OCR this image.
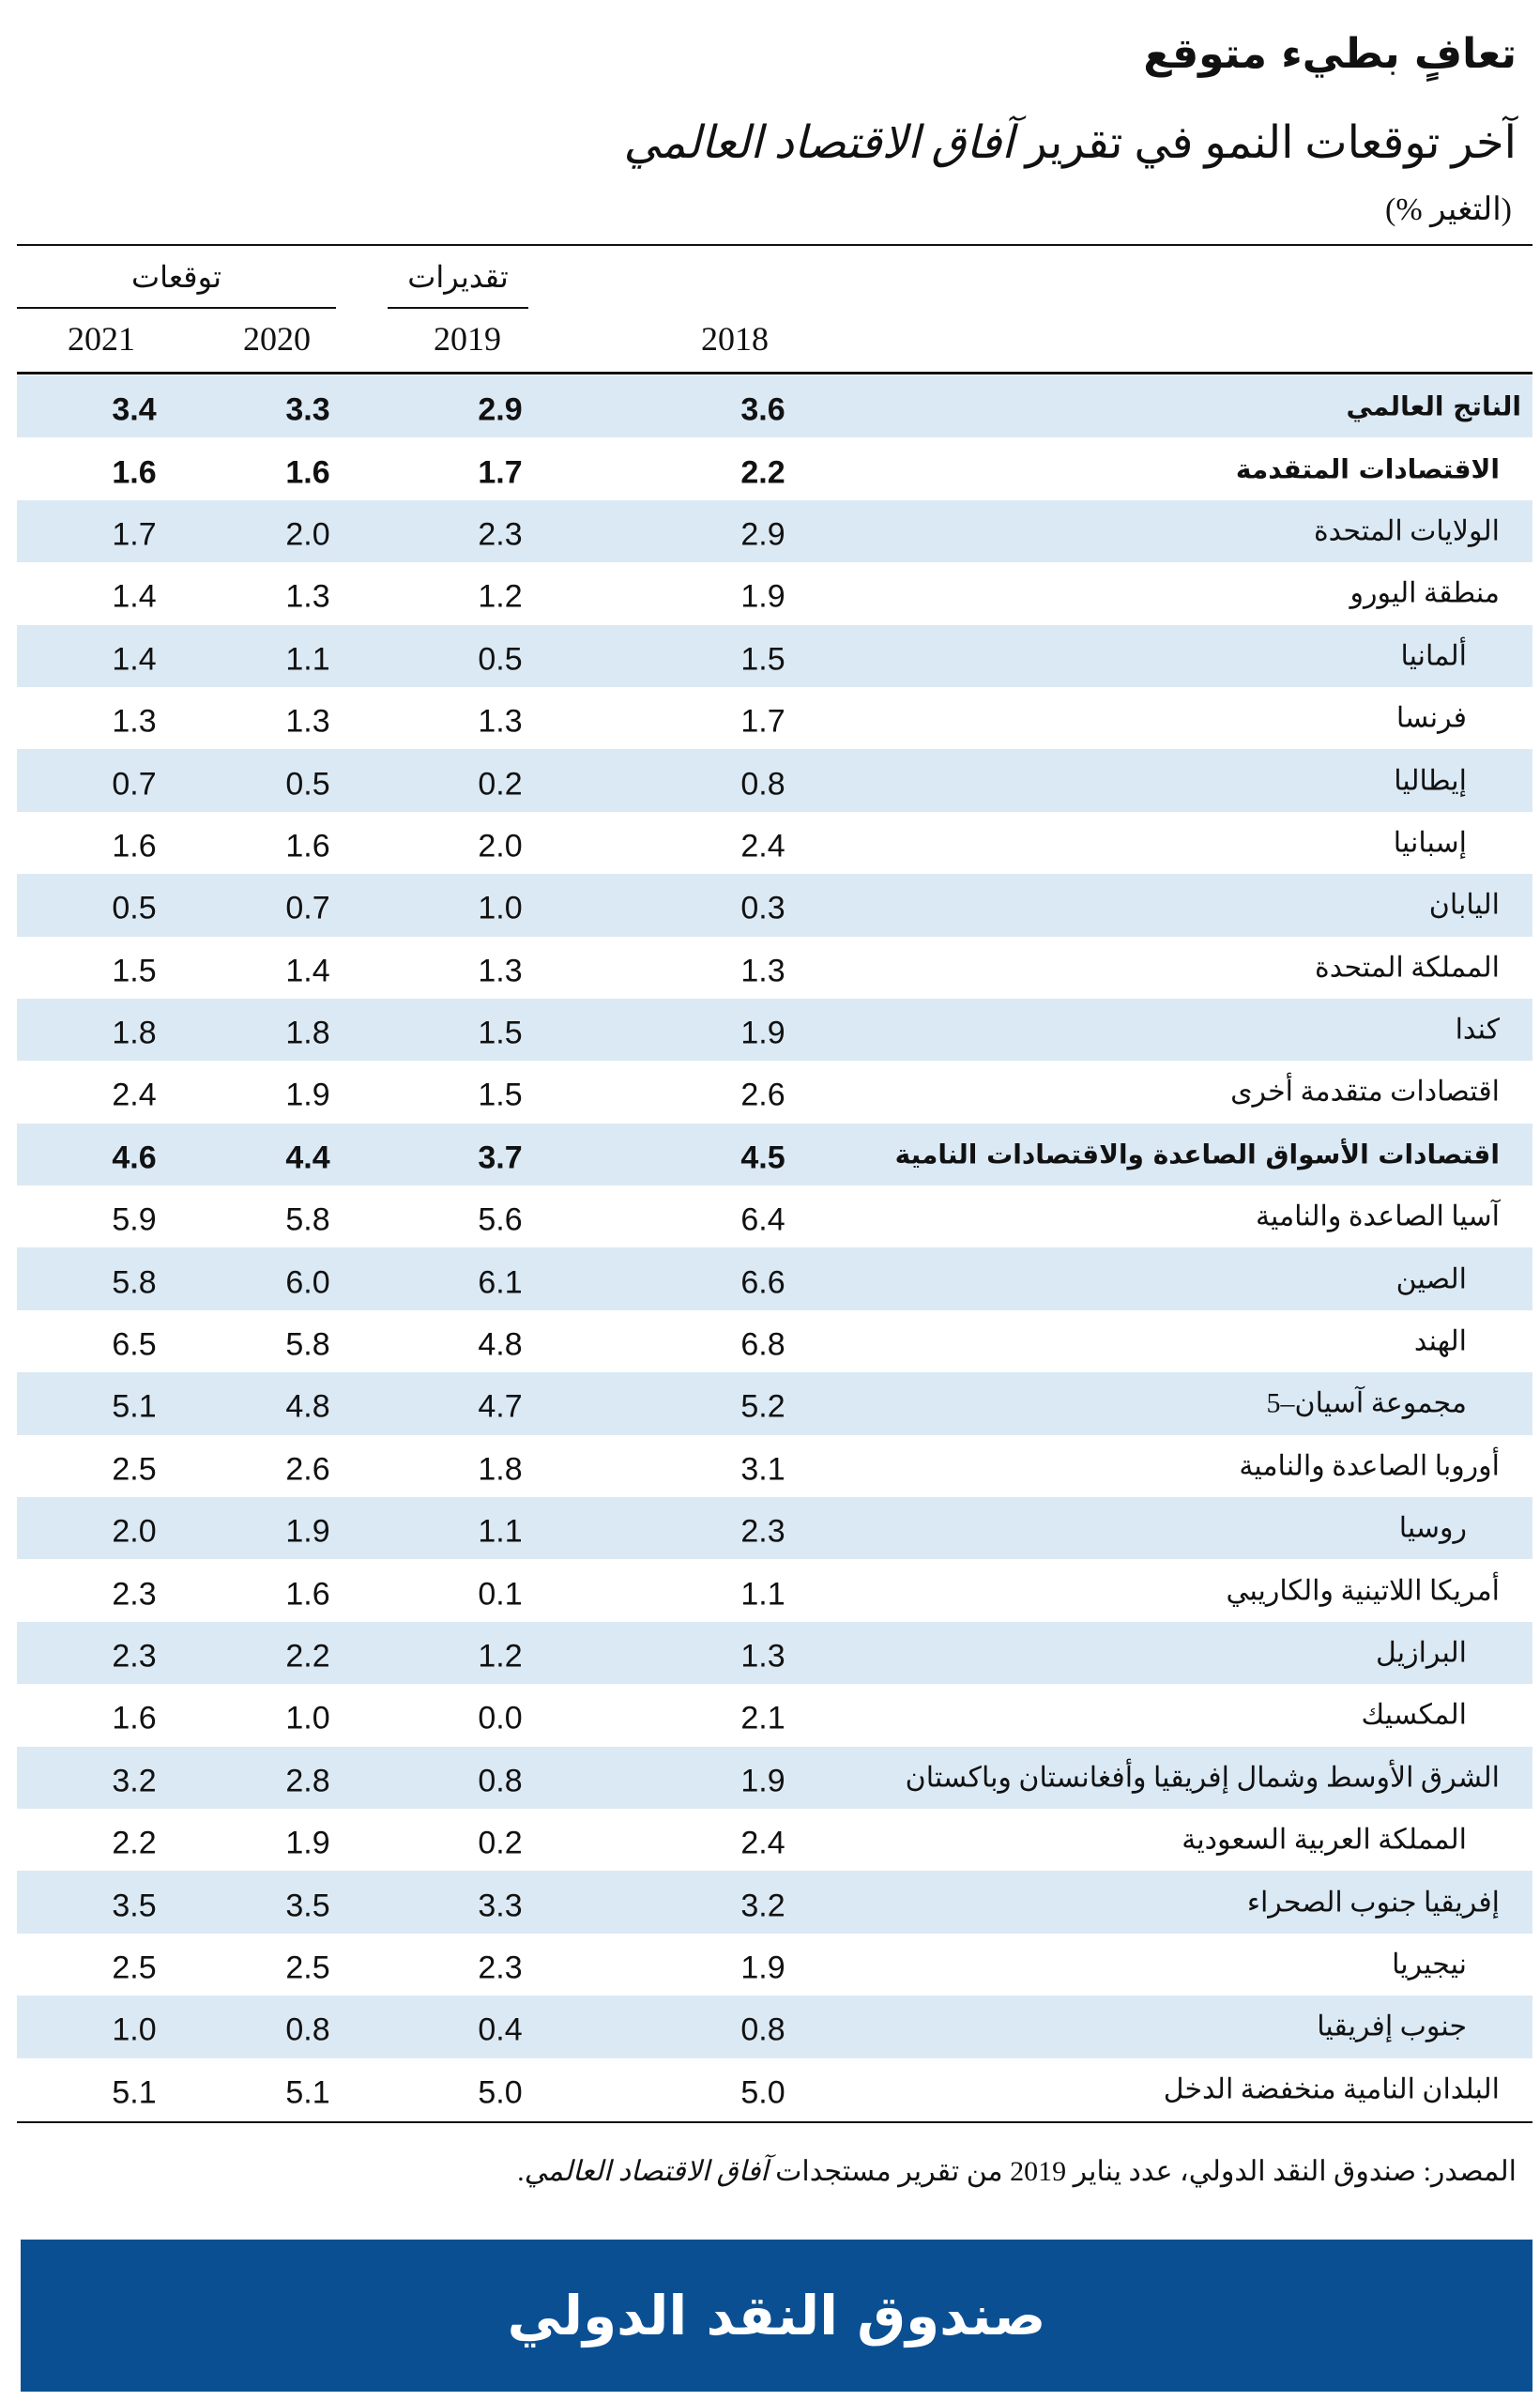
تعافٍ بطيء متوقع
آخر توقعات النمو في تقرير آفاق الاقتصاد العالمي
(التغير %)
تقديرات
توقعات
2018
2019
2020
2021
الناتج العالمي
3.6
2.9
3.3
3.4
الاقتصادات المتقدمة
2.2
1.7
1.6
1.6
الولايات المتحدة
2.9
2.3
2.0
1.7
منطقة اليورو
1.9
1.2
1.3
1.4
ألمانيا
1.5
0.5
1.1
1.4
فرنسا
1.7
1.3
1.3
1.3
إيطاليا
0.8
0.2
0.5
0.7
إسبانيا
2.4
2.0
1.6
1.6
اليابان
0.3
1.0
0.7
0.5
المملكة المتحدة
1.3
1.3
1.4
1.5
كندا
1.9
1.5
1.8
1.8
اقتصادات متقدمة أخرى
2.6
1.5
1.9
2.4
اقتصادات الأسواق الصاعدة والاقتصادات النامية
4.5
3.7
4.4
4.6
آسيا الصاعدة والنامية
6.4
5.6
5.8
5.9
الصين
6.6
6.1
6.0
5.8
الهند
6.8
4.8
5.8
6.5
مجموعة آسيان–5
5.2
4.7
4.8
5.1
أوروبا الصاعدة والنامية
3.1
1.8
2.6
2.5
روسيا
2.3
1.1
1.9
2.0
أمريكا اللاتينية والكاريبي
1.1
0.1
1.6
2.3
البرازيل
1.3
1.2
2.2
2.3
المكسيك
2.1
0.0
1.0
1.6
الشرق الأوسط وشمال إفريقيا وأفغانستان وباكستان
1.9
0.8
2.8
3.2
المملكة العربية السعودية
2.4
0.2
1.9
2.2
إفريقيا جنوب الصحراء
3.2
3.3
3.5
3.5
نيجيريا
1.9
2.3
2.5
2.5
جنوب إفريقيا
0.8
0.4
0.8
1.0
البلدان النامية منخفضة الدخل
5.0
5.0
5.1
5.1
المصدر: صندوق النقد الدولي، عدد يناير 2019 من تقرير مستجدات آفاق الاقتصاد العالمي.
صندوق النقد الدولي
